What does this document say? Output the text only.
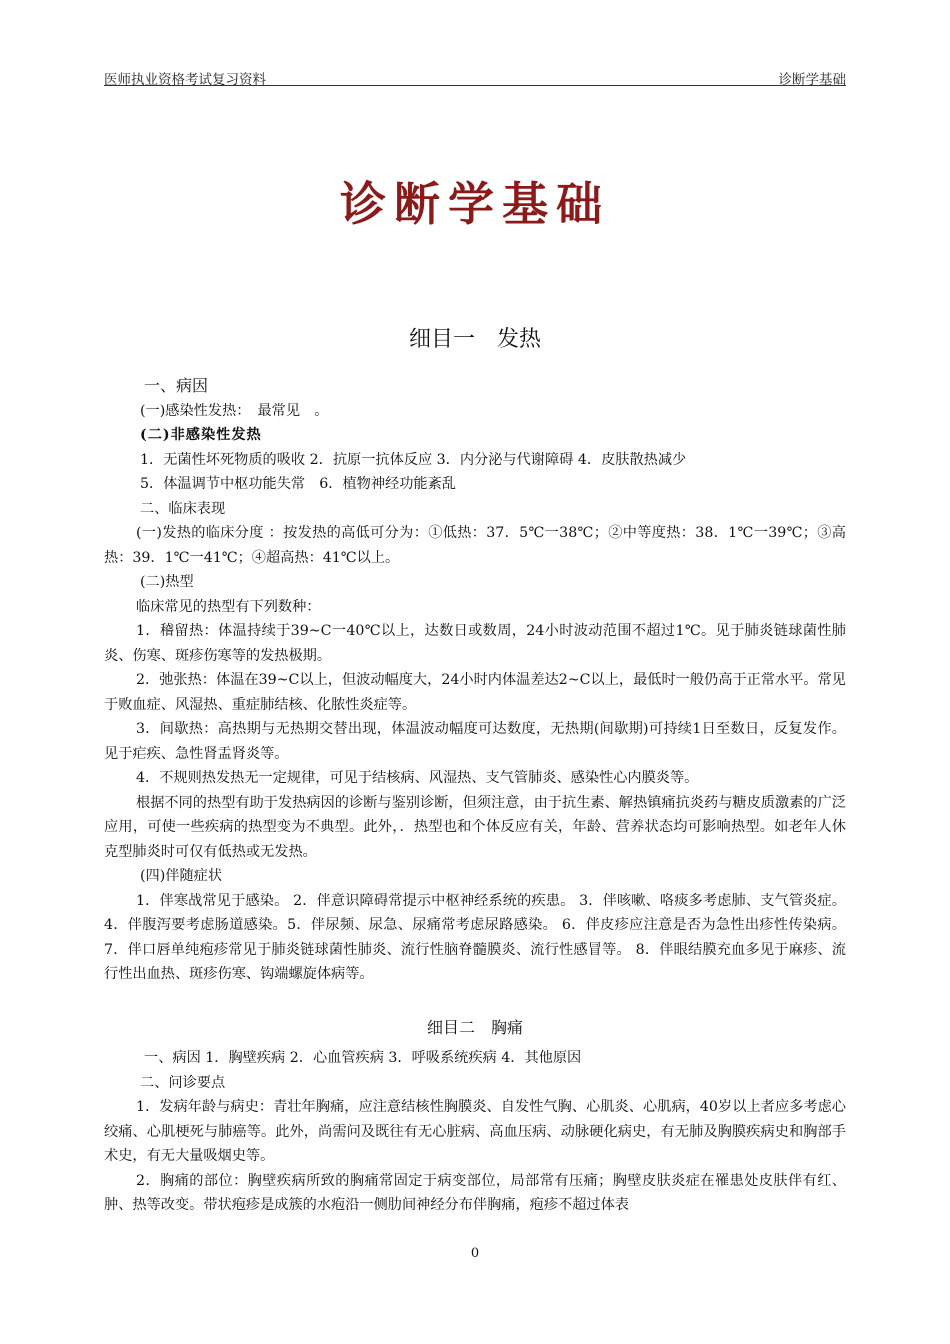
医师执业资格考试复习资料	诊断学基础
诊断学基础
细目一　发热

一、病因

(一)感染性发热：　最常见　。

(二)非感染性发热

1．无菌性坏死物质的吸收 2．抗原一抗体反应 3．内分泌与代谢障碍 4．皮肤散热减少

5．体温调节中枢功能失常　6．植物神经功能紊乱

二、临床表现

(一)发热的临床分度 ：按发热的高低可分为：①低热：37．5℃一38℃；②中等度热：38．1℃一39℃；③高热：39．1℃一41℃；④超高热：41℃以上。

(二)热型

临床常见的热型有下列数种：

1．稽留热：体温持续于39~C一40℃以上，达数日或数周，24小时波动范围不超过1℃。见于肺炎链球菌性肺炎、伤寒、斑疹伤寒等的发热极期。

2．弛张热：体温在39~C以上，但波动幅度大，24小时内体温差达2~C以上，最低时一般仍高于正常水平。常见于败血症、风湿热、重症肺结核、化脓性炎症等。

3．间歇热：高热期与无热期交替出现，体温波动幅度可达数度，无热期(间歇期)可持续1日至数日，反复发作。见于疟疾、急性肾盂肾炎等。

4．不规则热发热无一定规律，可见于结核病、风湿热、支气管肺炎、感染性心内膜炎等。

根据不同的热型有助于发热病因的诊断与鉴别诊断，但须注意，由于抗生素、解热镇痛抗炎药与糖皮质激素的广泛应用，可使一些疾病的热型变为不典型。此外，．热型也和个体反应有关，年龄、营养状态均可影响热型。如老年人休克型肺炎时可仅有低热或无发热。

(四)伴随症状

1．伴寒战常见于感染。 2．伴意识障碍常提示中枢神经系统的疾患。 3．伴咳嗽、咯痰多考虑肺、支气管炎症。 4．伴腹泻要考虑肠道感染。5．伴尿频、尿急、尿痛常考虑尿路感染。 6．伴皮疹应注意是否为急性出疹性传染病。7．伴口唇单纯疱疹常见于肺炎链球菌性肺炎、流行性脑脊髓膜炎、流行性感冒等。 8．伴眼结膜充血多见于麻疹、流行性出血热、斑疹伤寒、钩端螺旋体病等。

细目二　胸痛

一、病因 1．胸壁疾病 2．心血管疾病 3．呼吸系统疾病 4．其他原因

二、问诊要点

1．发病年龄与病史：青壮年胸痛，应注意结核性胸膜炎、自发性气胸、心肌炎、心肌病，40岁以上者应多考虑心绞痛、心肌梗死与肺癌等。此外，尚需问及既往有无心脏病、高血压病、动脉硬化病史，有无肺及胸膜疾病史和胸部手术史，有无大量吸烟史等。

2．胸痛的部位：胸壁疾病所致的胸痛常固定于病变部位，局部常有压痛；胸壁皮肤炎症在罹患处皮肤伴有红、肿、热等改变。带状疱疹是成簇的水疱沿一侧肋间神经分布伴胸痛，疱疹不超过体表

0
